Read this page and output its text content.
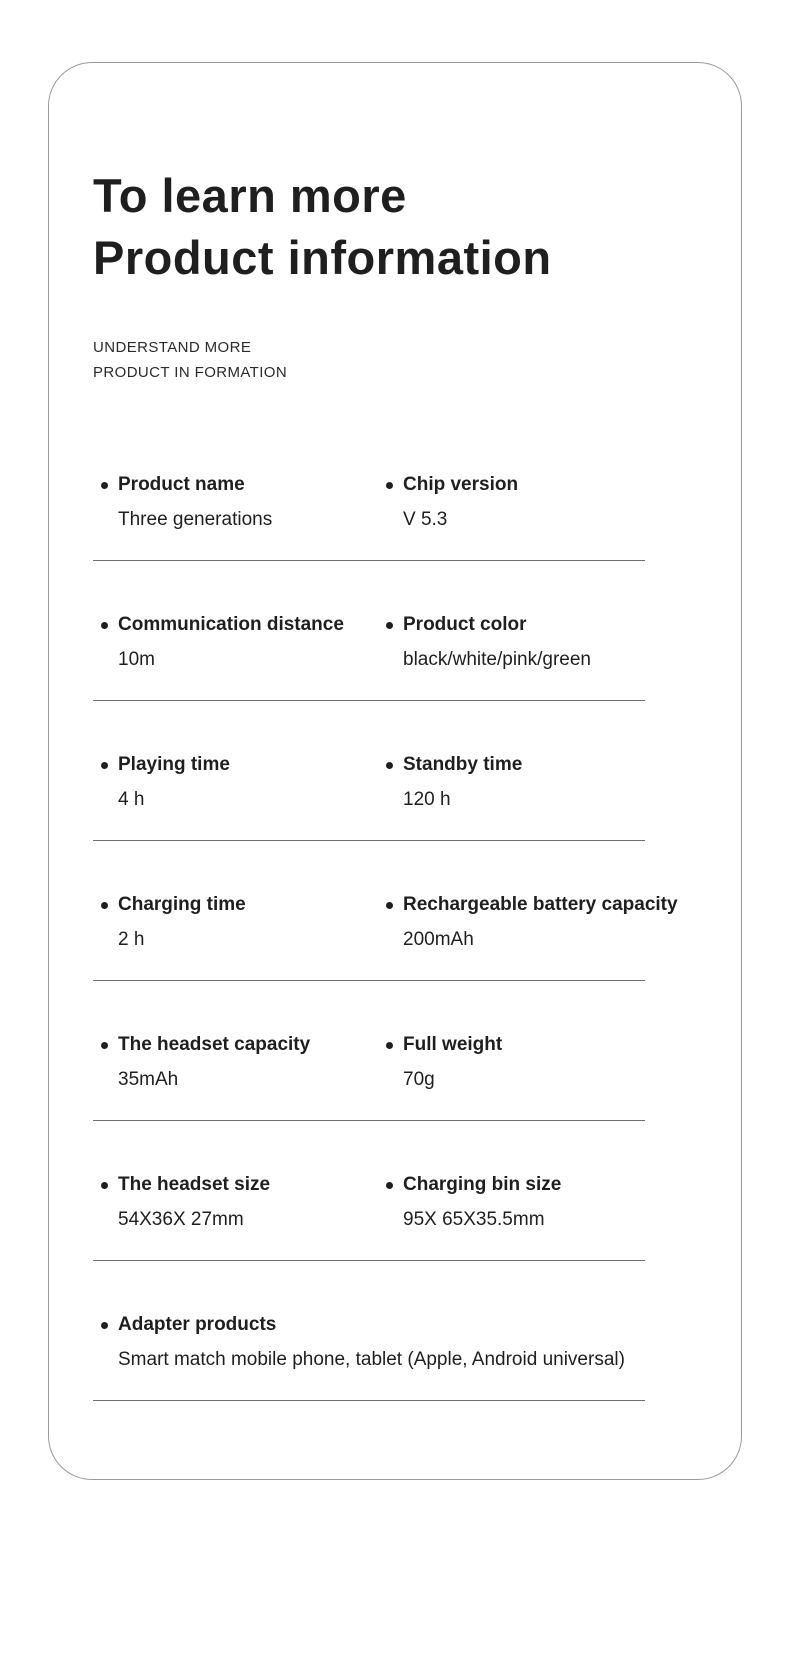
To learn more
Product information
UNDERSTAND MORE
PRODUCT IN FORMATION
Product name
Three generations
Chip version
V 5.3
Communication distance
10m
Product color
black/white/pink/green
Playing time
4 h
Standby time
120 h
Charging time
2 h
Rechargeable battery capacity
200mAh
The headset capacity
35mAh
Full weight
70g
The headset size
54X36X 27mm
Charging bin size
95X 65X35.5mm
Adapter products
Smart match mobile phone, tablet (Apple, Android universal)
